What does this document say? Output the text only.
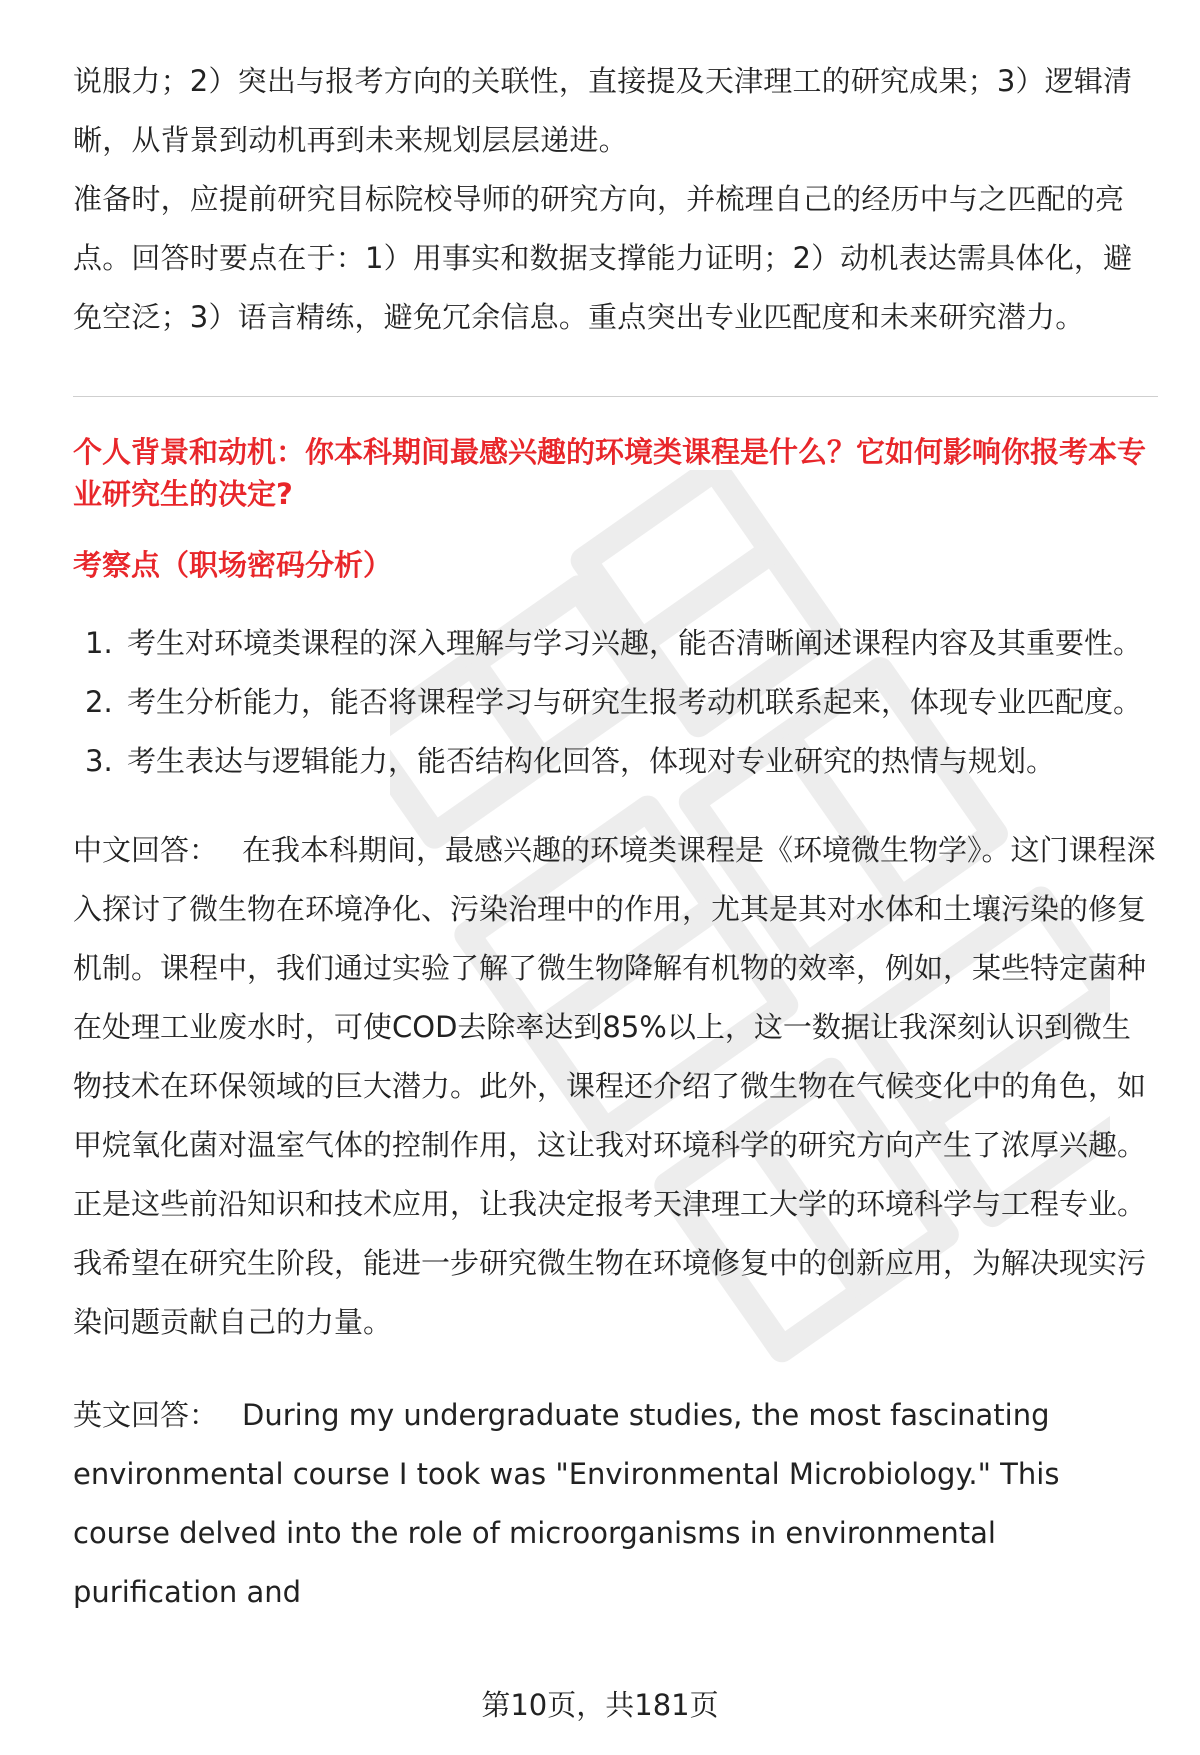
说服力；2）突出与报考方向的关联性，直接提及天津理工的研究成果；3）逻辑清晰，从背景到动机再到未来规划层层递进。

准备时，应提前研究目标院校导师的研究方向，并梳理自己的经历中与之匹配的亮点。回答时要点在于：1）用事实和数据支撑能力证明；2）动机表达需具体化，避免空泛；3）语言精练，避免冗余信息。重点突出专业匹配度和未来研究潜力。

个人背景和动机：你本科期间最感兴趣的环境类课程是什么？它如何影响你报考本专业研究生的决定?
考察点（职场密码分析）
1. 考生对环境类课程的深入理解与学习兴趣，能否清晰阐述课程内容及其重要性。
2. 考生分析能力，能否将课程学习与研究生报考动机联系起来，体现专业匹配度。
3. 考生表达与逻辑能力，能否结构化回答，体现对专业研究的热情与规划。

中文回答： 在我本科期间，最感兴趣的环境类课程是《环境微生物学》。这门课程深入探讨了微生物在环境净化、污染治理中的作用，尤其是其对水体和土壤污染的修复机制。课程中，我们通过实验了解了微生物降解有机物的效率，例如，某些特定菌种在处理工业废水时，可使COD去除率达到85%以上，这一数据让我深刻认识到微生物技术在环保领域的巨大潜力。此外，课程还介绍了微生物在气候变化中的角色，如甲烷氧化菌对温室气体的控制作用，这让我对环境科学的研究方向产生了浓厚兴趣。正是这些前沿知识和技术应用，让我决定报考天津理工大学的环境科学与工程专业。我希望在研究生阶段，能进一步研究微生物在环境修复中的创新应用，为解决现实污染问题贡献自己的力量。

英文回答： During my undergraduate studies, the most fascinating environmental course I took was "Environmental Microbiology." This course delved into the role of microorganisms in environmental purification and

第10页，共181页
